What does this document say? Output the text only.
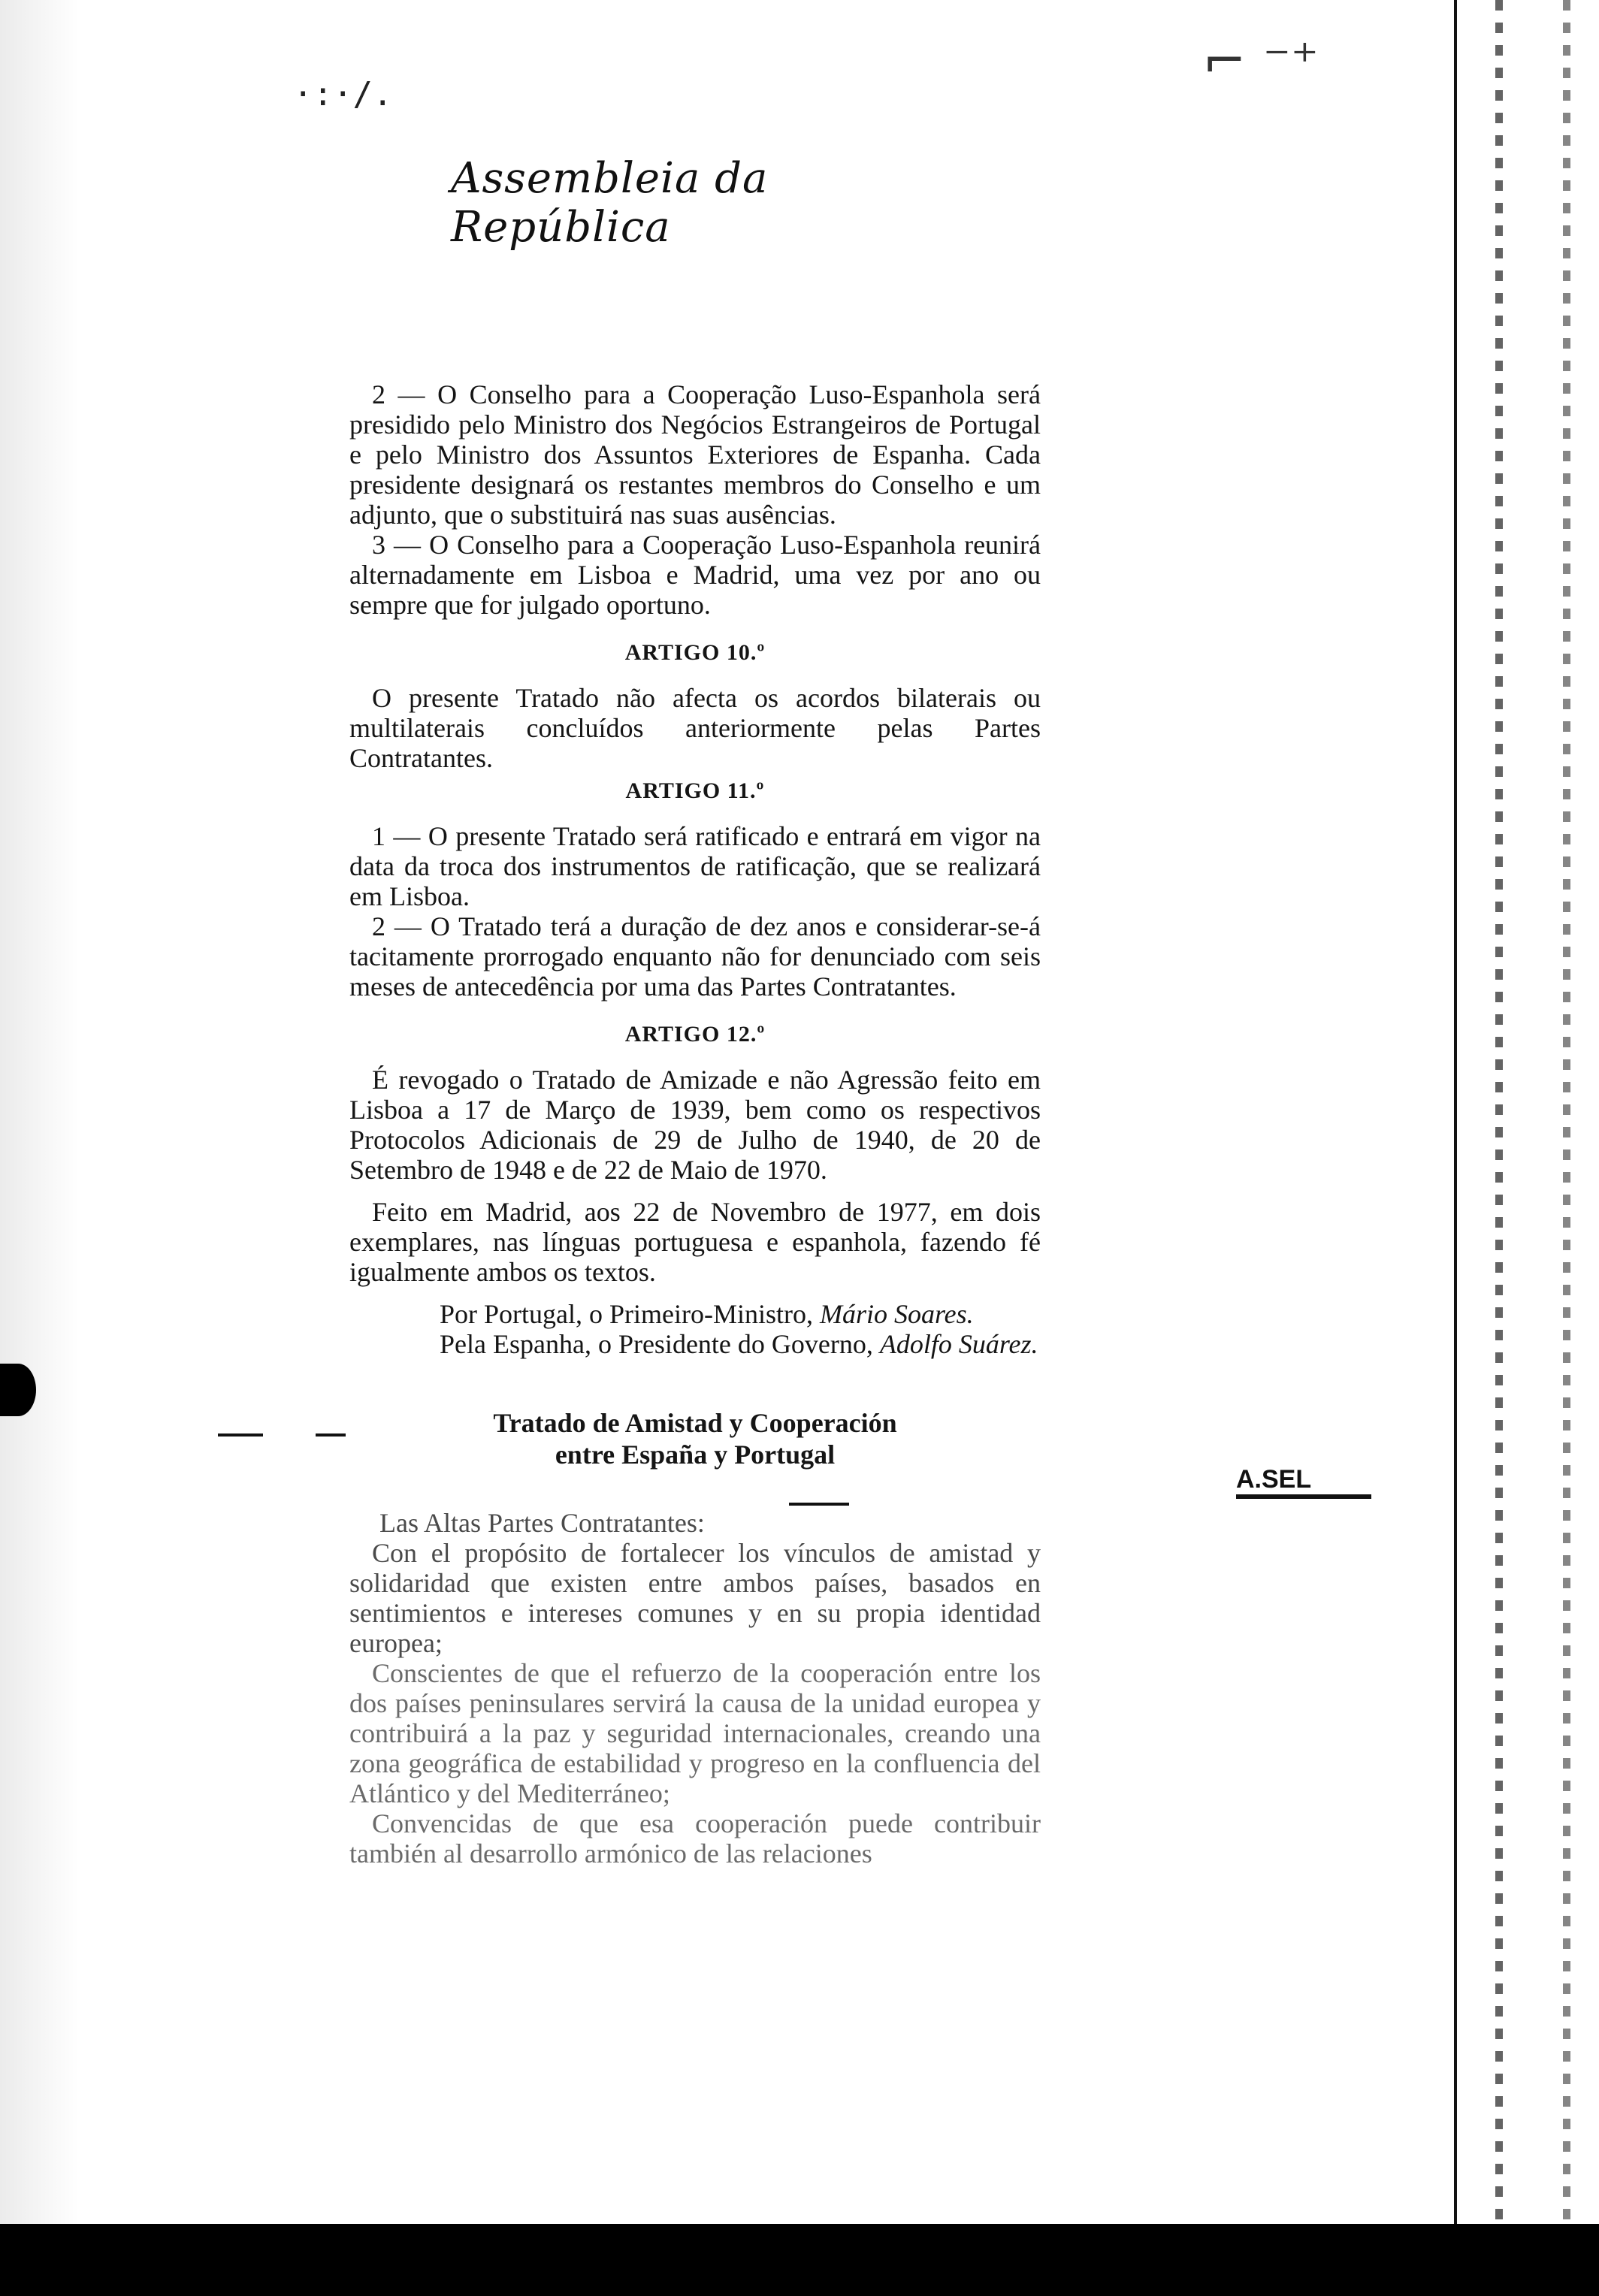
·:·/.
⌐ ⁻⁺
Assembleia da República
A.SEL

2 — O Conselho para a Cooperação Luso-Espanhola será presidido pelo Ministro dos Negócios Estrangeiros de Portugal e pelo Ministro dos Assuntos Exteriores de Espanha. Cada presidente designará os restantes membros do Conselho e um adjunto, que o substituirá nas suas ausências.

3 — O Conselho para a Cooperação Luso-Espanhola reunirá alternadamente em Lisboa e Madrid, uma vez por ano ou sempre que for julgado oportuno.

ARTIGO 10.º

O presente Tratado não afecta os acordos bilaterais ou multilaterais concluídos anteriormente pelas Partes Contratantes.

ARTIGO 11.º

1 — O presente Tratado será ratificado e entrará em vigor na data da troca dos instrumentos de ratificação, que se realizará em Lisboa.

2 — O Tratado terá a duração de dez anos e considerar-se-á tacitamente prorrogado enquanto não for denunciado com seis meses de antecedência por uma das Partes Contratantes.

ARTIGO 12.º

É revogado o Tratado de Amizade e não Agressão feito em Lisboa a 17 de Março de 1939, bem como os respectivos Protocolos Adicionais de 29 de Julho de 1940, de 20 de Setembro de 1948 e de 22 de Maio de 1970.

Feito em Madrid, aos 22 de Novembro de 1977, em dois exemplares, nas línguas portuguesa e espanhola, fazendo fé igualmente ambos os textos.

Por Portugal, o Primeiro-Ministro, Mário Soares.

Pela Espanha, o Presidente do Governo, Adolfo Suárez.

Tratado de Amistad y Cooperación
entre España y Portugal

Las Altas Partes Contratantes:

Con el propósito de fortalecer los vínculos de amistad y solidaridad que existen entre ambos países, basados en sentimientos e intereses comunes y en su propia identidad europea;

Conscientes de que el refuerzo de la cooperación entre los dos países peninsulares servirá la causa de la unidad europea y contribuirá a la paz y seguridad internacionales, creando una zona geográfica de estabilidad y progreso en la confluencia del Atlántico y del Mediterráneo;

Convencidas de que esa cooperación puede contribuir también al desarrollo armónico de las relaciones
